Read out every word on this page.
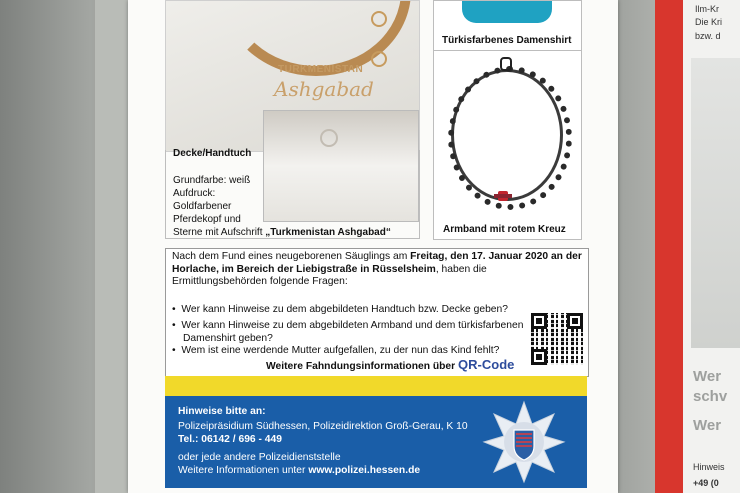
Ilm-Kr
Die Kri
bzw. d
Wer
schv
Wer
Hinweis
+49 (0
TURKMENISTAN
Ashgabad
Decke/Handtuch
Grundfarbe: weiß
Aufdruck:
Goldfarbener
Pferdekopf und
Sterne mit Aufschrift „Turkmenistan Ashgabad“
Türkisfarbenes Damenshirt
Armband mit rotem Kreuz
Nach dem Fund eines neugeborenen Säuglings am Freitag, den 17. Januar 2020 an der Horlache, im Bereich der Liebigstraße in Rüsselsheim, haben die Ermittlungsbehörden folgende Fragen:
•  Wer kann Hinweise zu dem abgebildeten Handtuch bzw. Decke geben?
•  Wer kann Hinweise zu dem abgebildeten Armband und dem türkisfarbenen Damenshirt geben?
•  Wem ist eine werdende Mutter aufgefallen, zu der nun das Kind fehlt?
Weitere Fahndungsinformationen über QR-Code
Hinweise bitte an:
Polizeipräsidium Südhessen, Polizeidirektion Groß-Gerau, K 10
Tel.: 06142 / 696 - 449
oder jede andere Polizeidienststelle
Weitere Informationen unter www.polizei.hessen.de
